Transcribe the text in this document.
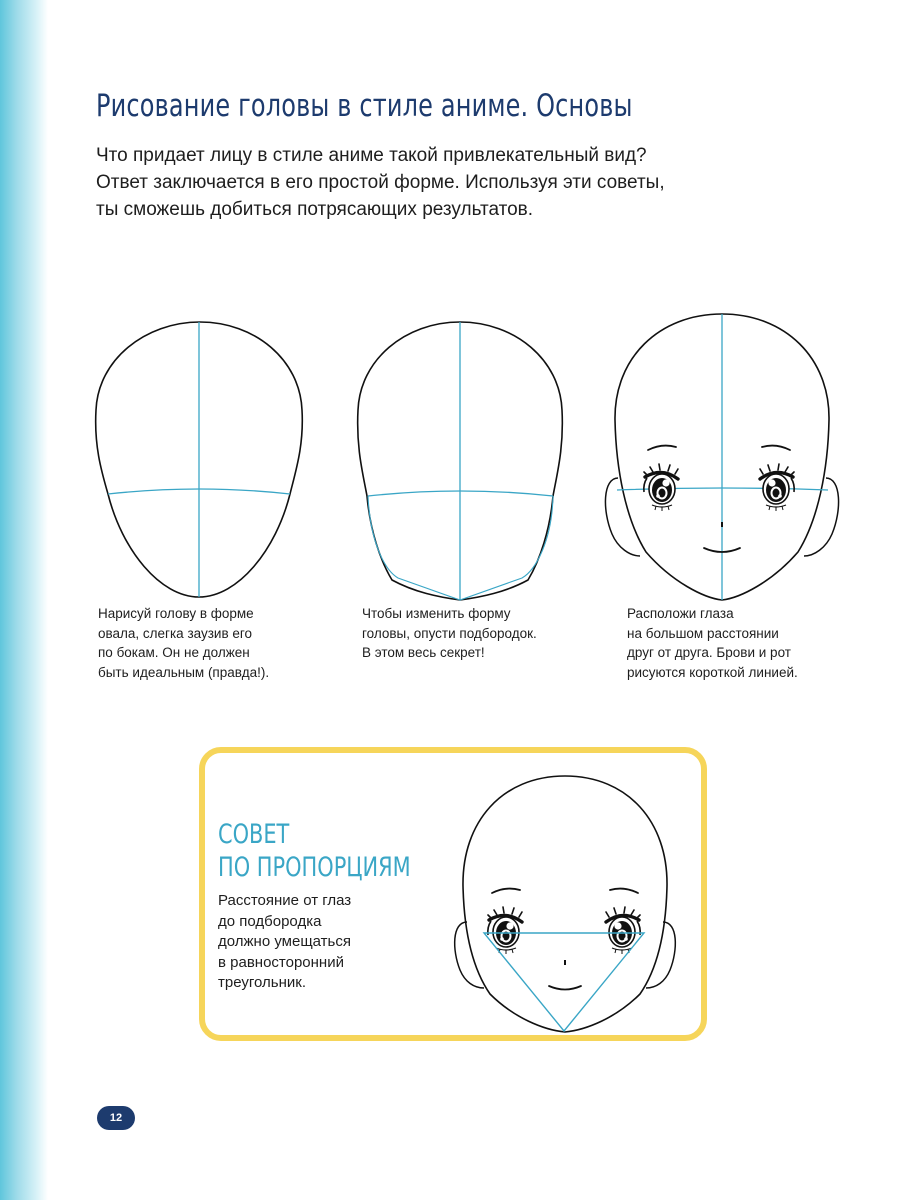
Рисование головы в стиле аниме. Основы

Что придает лицу в стиле аниме такой привлекательный вид?
Ответ заключается в его простой форме. Используя эти советы,
ты сможешь добиться потрясающих результатов.

Нарисуй голову в форме
овала, слегка заузив его
по бокам. Он не должен
быть идеальным (правда!).

Чтобы изменить форму
головы, опусти подбородок.
В этом весь секрет!

Расположи глаза
на большом расстоянии
друг от друга. Брови и рот
рисуются короткой линией.

СОВЕТ
ПО ПРОПОРЦИЯМ

Расстояние от глаз
до подбородка
должно умещаться
в равносторонний
треугольник.

12
